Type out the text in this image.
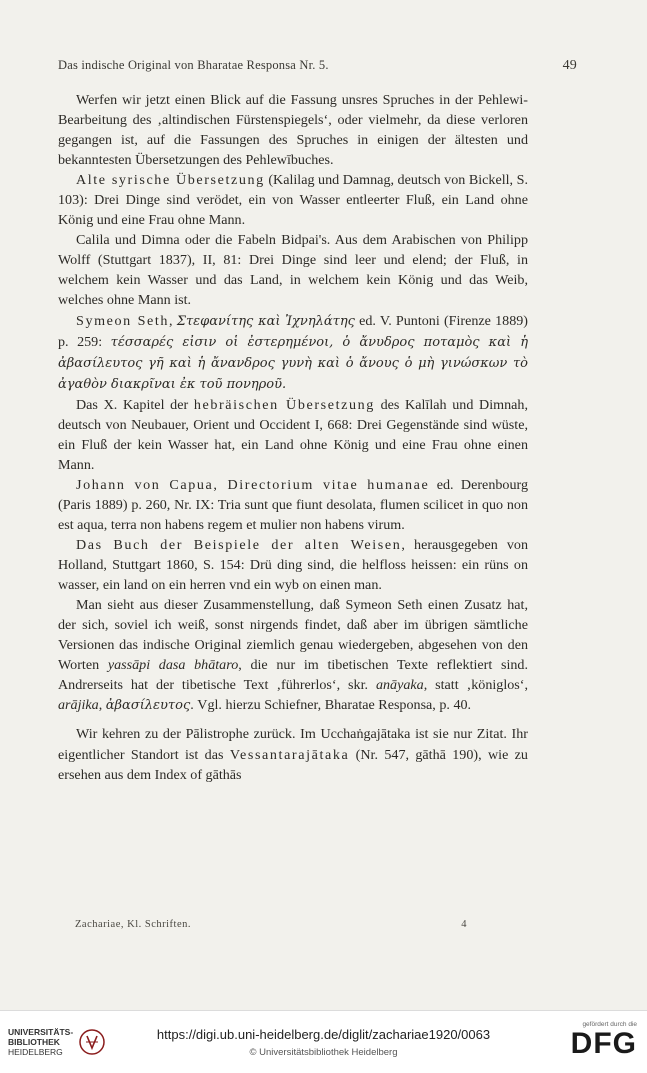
Das indische Original von Bharatae Responsa Nr. 5.	49

Werfen wir jetzt einen Blick auf die Fassung unsres Spruches in der Pehlewi-Bearbeitung des ‚altindischen Fürstenspiegels‘, oder vielmehr, da diese verloren gegangen ist, auf die Fassungen des Spruches in einigen der ältesten und bekanntesten Übersetzungen des Pehlewībuches.

Alte syrische Übersetzung (Kalilag und Damnag, deutsch von Bickell, S. 103): Drei Dinge sind verödet, ein von Wasser entleerter Fluß, ein Land ohne König und eine Frau ohne Mann.

Calila und Dimna oder die Fabeln Bidpai's. Aus dem Arabischen von Philipp Wolff (Stuttgart 1837), II, 81: Drei Dinge sind leer und elend; der Fluß, in welchem kein Wasser und das Land, in welchem kein König und das Weib, welches ohne Mann ist.

Symeon Seth, Στεφανίτης καὶ Ἰχνηλάτης ed. V. Puntoni (Firenze 1889) p. 259: τέσσαρές εἰσιν οἱ ἐστερημένοι, ὁ ἄνυδρος ποταμὸς καὶ ἡ ἀβασίλευτος γῆ καὶ ἡ ἄνανδρος γυνὴ καὶ ὁ ἄνους ὁ μὴ γινώσκων τὸ ἀγαθὸν διακρῖναι ἐκ τοῦ πονηροῦ.

Das X. Kapitel der hebräischen Übersetzung des Kalīlah und Dimnah, deutsch von Neubauer, Orient und Occident I, 668: Drei Gegenstände sind wüste, ein Fluß der kein Wasser hat, ein Land ohne König und eine Frau ohne einen Mann.

Johann von Capua, Directorium vitae humanae ed. Derenbourg (Paris 1889) p. 260, Nr. IX: Tria sunt que fiunt desolata, flumen scilicet in quo non est aqua, terra non habens regem et mulier non habens virum.

Das Buch der Beispiele der alten Weisen, herausgegeben von Holland, Stuttgart 1860, S. 154: Drü ding sind, die helfloss heissen: ein rüns on wasser, ein land on ein herren vnd ein wyb on einen man.

Man sieht aus dieser Zusammenstellung, daß Symeon Seth einen Zusatz hat, der sich, soviel ich weiß, sonst nirgends findet, daß aber im übrigen sämtliche Versionen das indische Original ziemlich genau wiedergeben, abgesehen von den Worten yassāpi dasa bhātaro, die nur im tibetischen Texte reflektiert sind. Andrerseits hat der tibetische Text ‚führerlos‘, skr. anāyaka, statt ‚königlos‘, arājika, ἀβασίλευτος. Vgl. hierzu Schiefner, Bharatae Responsa, p. 40.

Wir kehren zu der Pālistrophe zurück. Im Ucchaṅgajātaka ist sie nur Zitat. Ihr eigentlicher Standort ist das Vessantarajātaka (Nr. 547, gāthā 190), wie zu ersehen aus dem Index of gāthās

Zachariae, Kl. Schriften.	4
UNIVERSITÄTS-
BIBLIOTHEK
HEIDELBERG
https://digi.ub.uni-heidelberg.de/diglit/zachariae1920/0063
© Universitätsbibliothek Heidelberg
gefördert durch die
DFG
